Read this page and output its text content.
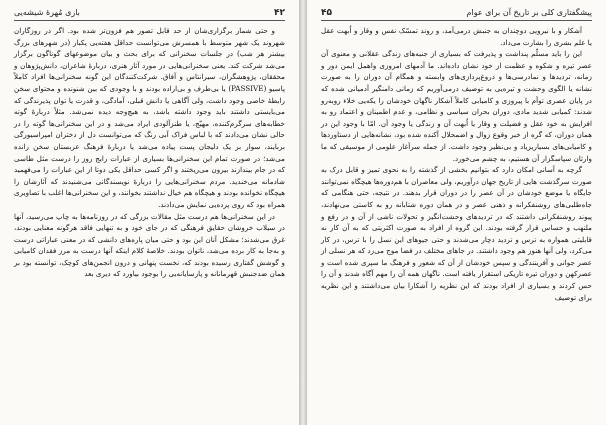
۴۲
بازی مُهرهٔ شیشه‌یی

و حتی شمار برگزاری‌شان از حد قابل تصور هم فزون‌تر شده بود. اگر در روزگاران شهروند یک شهر متوسط با همسرش می‌توانست حداقل هفته‌یی یکبار (در شهرهای بزرگ بیشتر هر شب) در جلسات سخنرانی که برای بحث و بیان موضوعهای گوناگون برگزار می‌شد شرکت کند. یعنی سخنرانی‌هایی در مورد آثار هنری، دربارهٔ شاعران، دانش‌پژوهان و محققان، پژوهشگران، سیرانتاس و آفاق. شرکت‌کنندگان این گونه سخنرانی‌ها افراد کاملاً پاسیو (PASSIVE) یا بی‌طرف و بی‌اراده بودند و با وجودی که بین شنونده و محتوای سخن رابطهٔ خاصی وجود داشت، ولی آگاهی یا دانش قبلی، آمادگی، و قدرت یا توان پذیرندگی که می‌بایستی داشتند باید وجود داشته باشد، به هیچ‌وجه دیده نمی‌شد. مثلاً دربارهٔ گوته خطابه‌های سرگرم‌کننده، مهیّج، یا طنزآلودی ایراد می‌شد و در این سخنرانی‌ها گوته را در حالی نشان می‌دادند که با لباس فراک آبی رنگ که می‌توانست دل از دختران امپراسیورگی بربایند، سوار بر یک دلیجان پست پیاده می‌شد یا دربارهٔ فرهنگ عربستان سخن رانده می‌شد؛ در صورت تمام این سخنرانی‌ها بسیاری از عبارات رایج روز را درست مثل طاسی که در جام بیندازند بیرون می‌ریختند و اگر کسی حداقل یکی دوتا از این عبارات را می‌فهمید شادمانه می‌خندید. مردم سخنرانی‌هایی را دربارهٔ نویسندگانی می‌شنیدند که آثارشان را هیچگاه نخوانده بودند و هیچگاه هم خیال نداشتند بخوانند، و این سخنرانی‌ها اغلب با تصاویری همراه بود که روی پرده‌یی نمایش می‌دادند.

در این سخنرانی‌ها هم درست مثل مقالات بزرگی که در روزنامه‌ها به چاپ می‌رسید، آنها در سیلاب خروشان حقایق فرهنگی که در جای خود و به تنهایی فاقد هرگونه معنایی بودند، غرق می‌شدند؛ مشکل آنان این بود و حتی میان پاره‌های دانشی که در معنی عباراتی درست و به‌جا به کار برده می‌شد، ناتوان بودند. خلاصهٔ کلام اینکه آنها درست به مرز فقدان کامیابی و گوشش گفتاری رسیده بودند که، نخست پنهانی و درون انجمن‌های کوچک، توانسته بود بر همان ضدجنبش قهرمانانه و پارسایانه‌یی را بوجود بیاورد که دیری بعد

پیشگفتاری کلی بر تاریخ آن برای عوام
۴۵

آشکار و با نیرویی دوچندان به جنبش درمی‌آمد، و روند تمسّک نفس و وقار و اُبهت عقل یا علم بشری را بشارت می‌داد.

این را باید مسلّم پنداشت و پذیرفت که بسیاری از جنبه‌های زندگی عقلانی و معنوی آن عصر تیره و شکوه و عظمت از خود نشان داده‌اند. ما آدمهای امروزی واهمل ایمن دور و زمانه، تردیدها و نمادرسی‌ها و دروغ‌پردازی‌های وابسته و همگام آن دوران را به صورت نشانه یا الگوی وحشت و تیره‌یی به توصیف درمی‌آوریم که زمانی دامنگیر آدمیانی شده که در پایان عصری توأم با پیروزی و کامیابی کاملاً آشکار ناگهان خودشان را یکه‌یی خلاء روبه‌رو شدند: کمیابی شدید مادی، دوران بحران سیاسی و نظامی، و عدم اطمینان و اعتماد رو به افزایش به خود عقل و فضیلت و وقار یا اُبهت آن و زندگی یا وجود آن. امّا با وجود این در همان دوران، که گره از خبر وقوع زوال و اضمحلال آکنده شده بود، نشانه‌هایی از دستاوردها و کامیابی‌های بسیاریزیاد و بی‌نظیر وجود داشت. از جمله سرآغاز علومی از موسیقی که ما وارثان سپاسگزار آن هستیم، به چشم می‌خورد.

گرچه به آسانی امکان دارد که بتوانیم بخشی از گذشته را به نحوی تمیز و قابل درک به صورت سرگذشت هایی از تاریخ جهان درآوریم، ولی معاصران با هم‌دوره‌ها هیچگاه نمی‌توانند جایگاه یا موضع خودشان در آن عصر را در دوران قرار بدهند. در نتیجه، حتی هنگامی که جاه‌طلبی‌های روشنفکرانه و ذهنی عصر و در همان دوره شتابانه رو به کاستی می‌نهادند، پیوند روشنفکرانی داشتند که در تردیدهای وحشت‌انگیز و تحولات ناشی از آن و در رفع و ملتهب و حساس قرار گرفته بودند. این گروه از افراد به صورت اکثریتی که به آن کار نه قابلیتی همواره به ترس و تردید دچار می‌شدند و حتی جیوهای این نسل را با ترس، در کار می‌کرد، ولی آنها هنوز هم وجود داشتند. در جاهای مختلف در فضا موج می‌زد که هر نسلی از عصر جوانی و آفرینندگی و سپس خودشان از آن که شعور و فرهنگ ما سپری شده است و عصرکهن و دوران تیره تاریکی استقرار یافته است. ناگهان همه آن را مهم آگاه شدند و آن را حس کردند و بسیاری از افراد بودند که این نظریه را آشکارا بیان می‌داشتند و این نظریه برای توصیف
